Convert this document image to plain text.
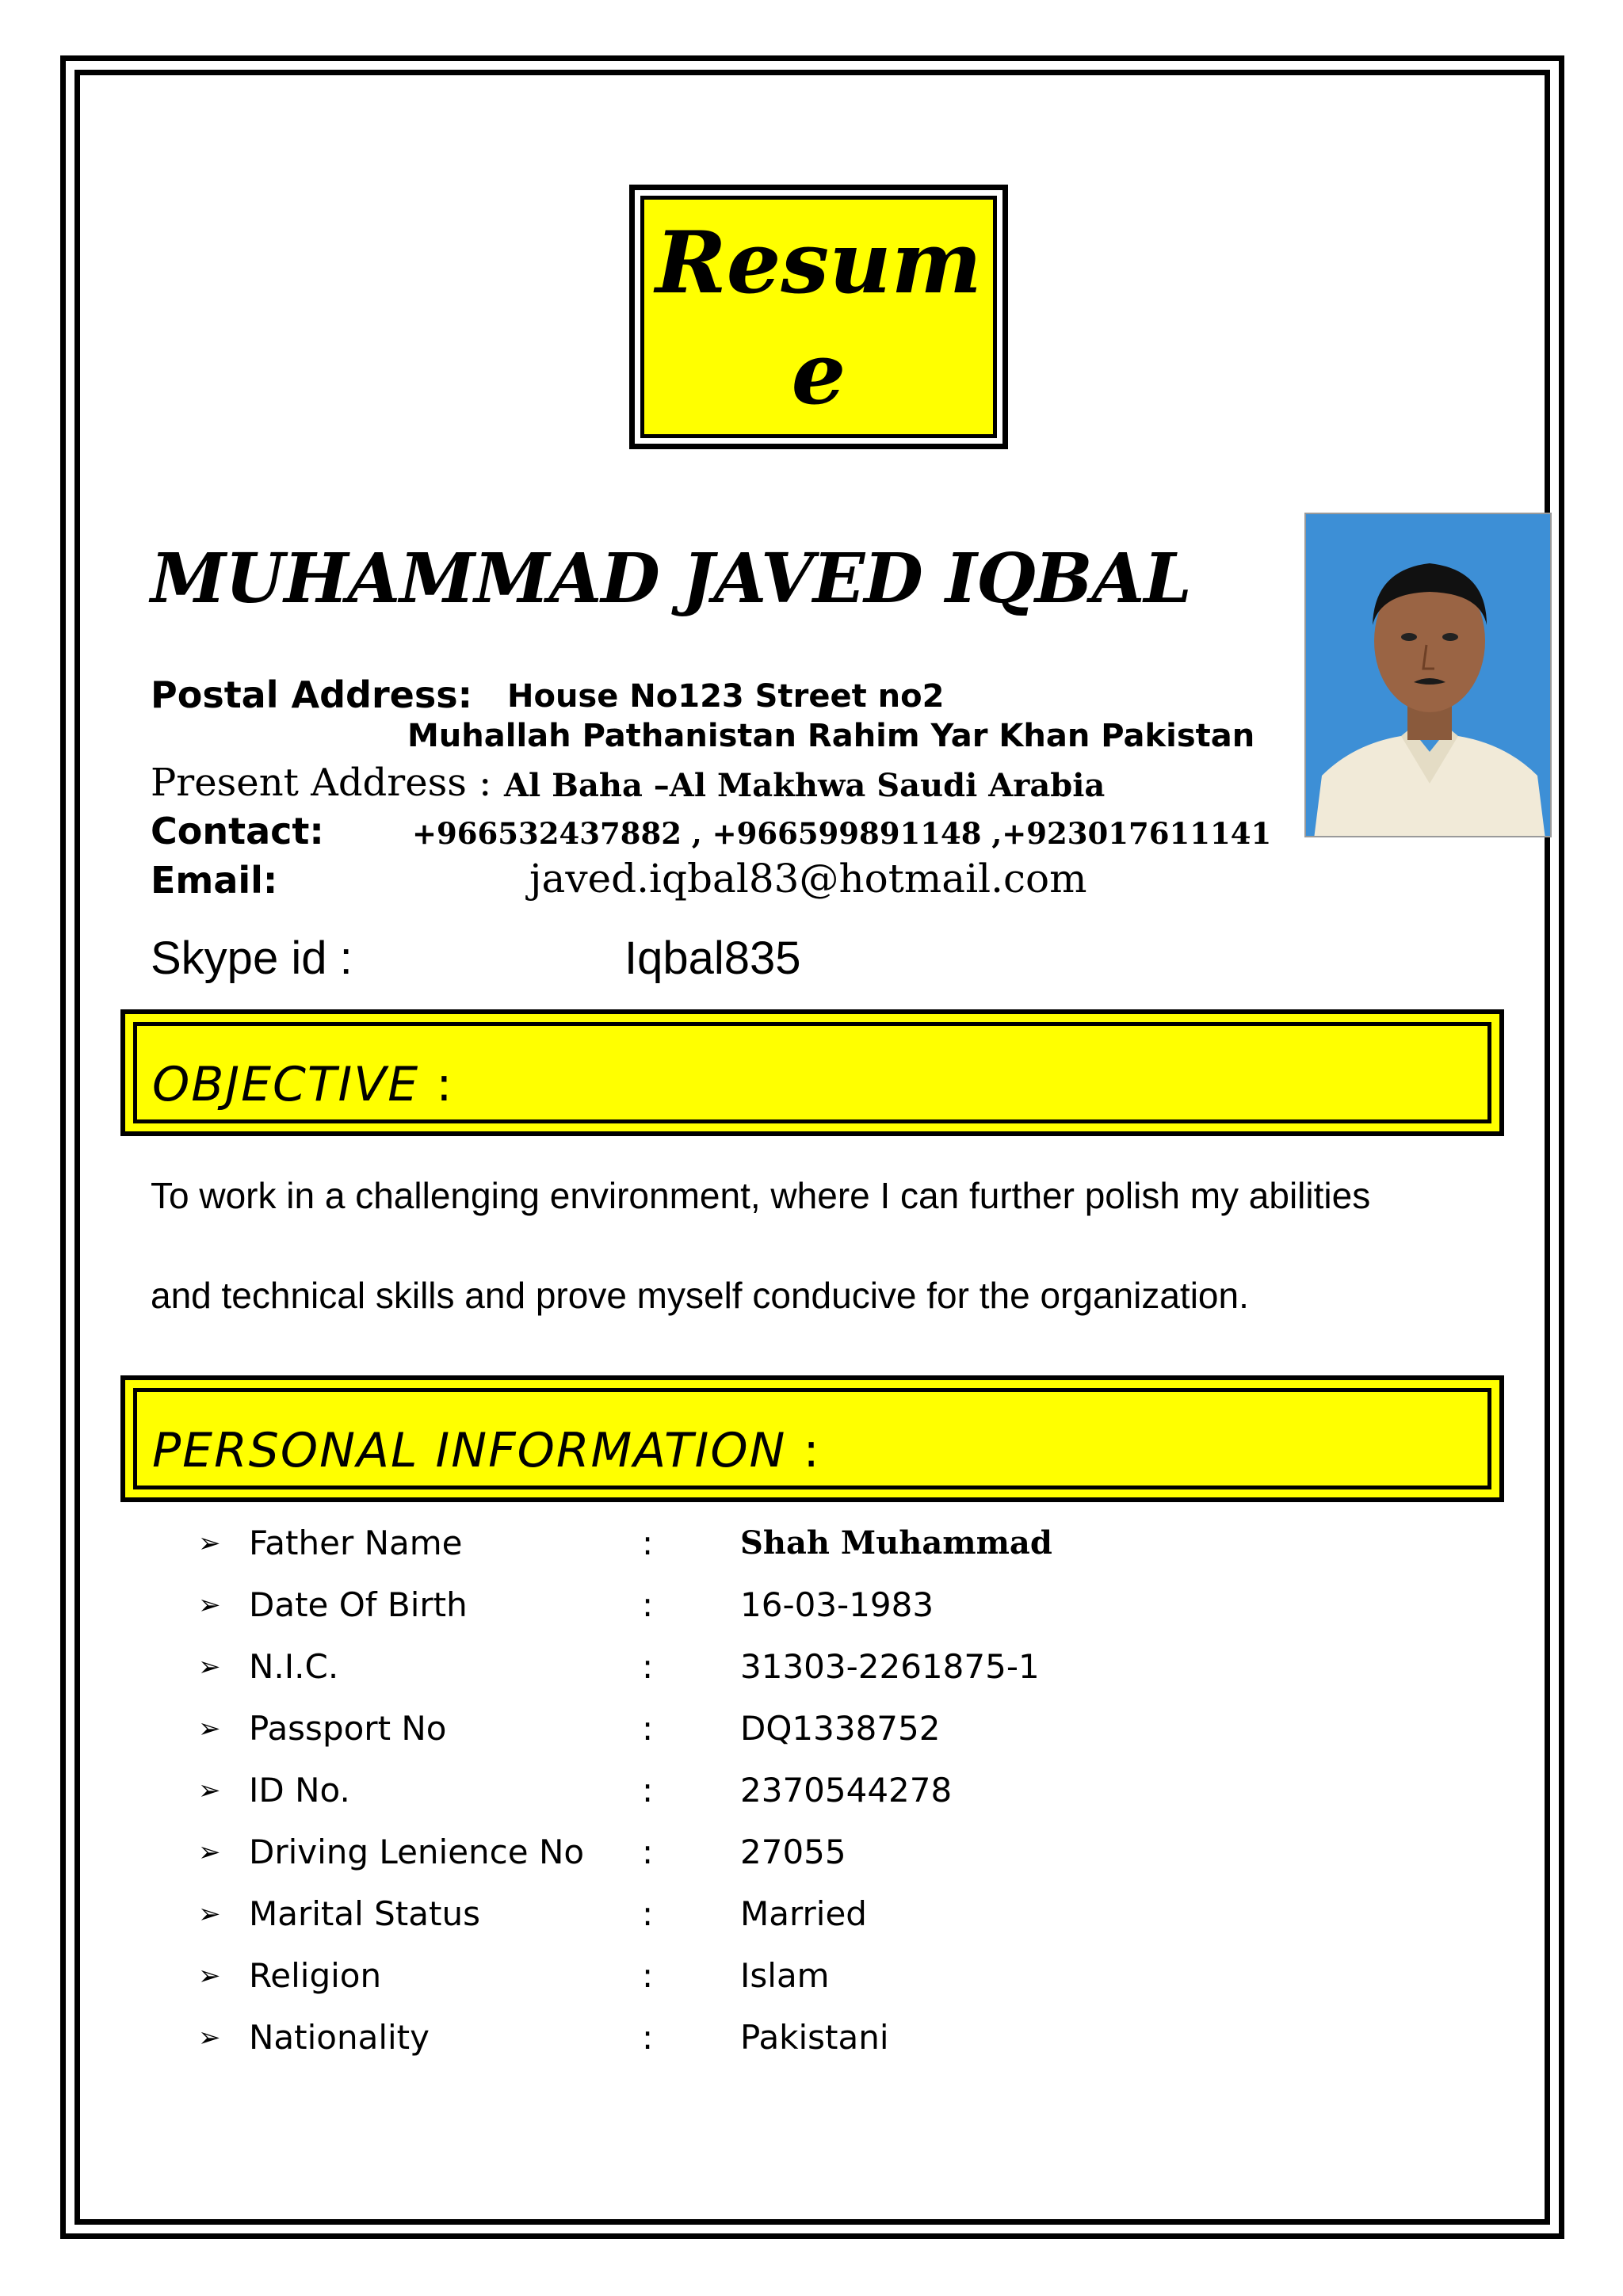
Resum
e
MUHAMMAD JAVED IQBAL
Postal Address: House No123 Street no2
Muhallah Pathanistan Rahim Yar Khan Pakistan
Present Address : Al Baha –Al Makhwa Saudi Arabia
Contact:	+966532437882 , +966599891148 ,+923017611141
Email:	javed.iqbal83@hotmail.com
Skype id :	Iqbal835
OBJECTIVE :
To work in a challenging environment, where I can further polish my abilities
and technical skills and prove myself conducive for the organization.
PERSONAL INFORMATION :
➢ Father Name	:	Shah Muhammad
➢ Date Of Birth	:	16-03-1983
➢ N.I.C.	:	31303-2261875-1
➢ Passport No	:	DQ1338752
➢ ID No.	:	2370544278
➢ Driving Lenience No :	27055
➢ Marital Status	:	Married
➢ Religion	:	Islam
➢ Nationality	:	Pakistani
